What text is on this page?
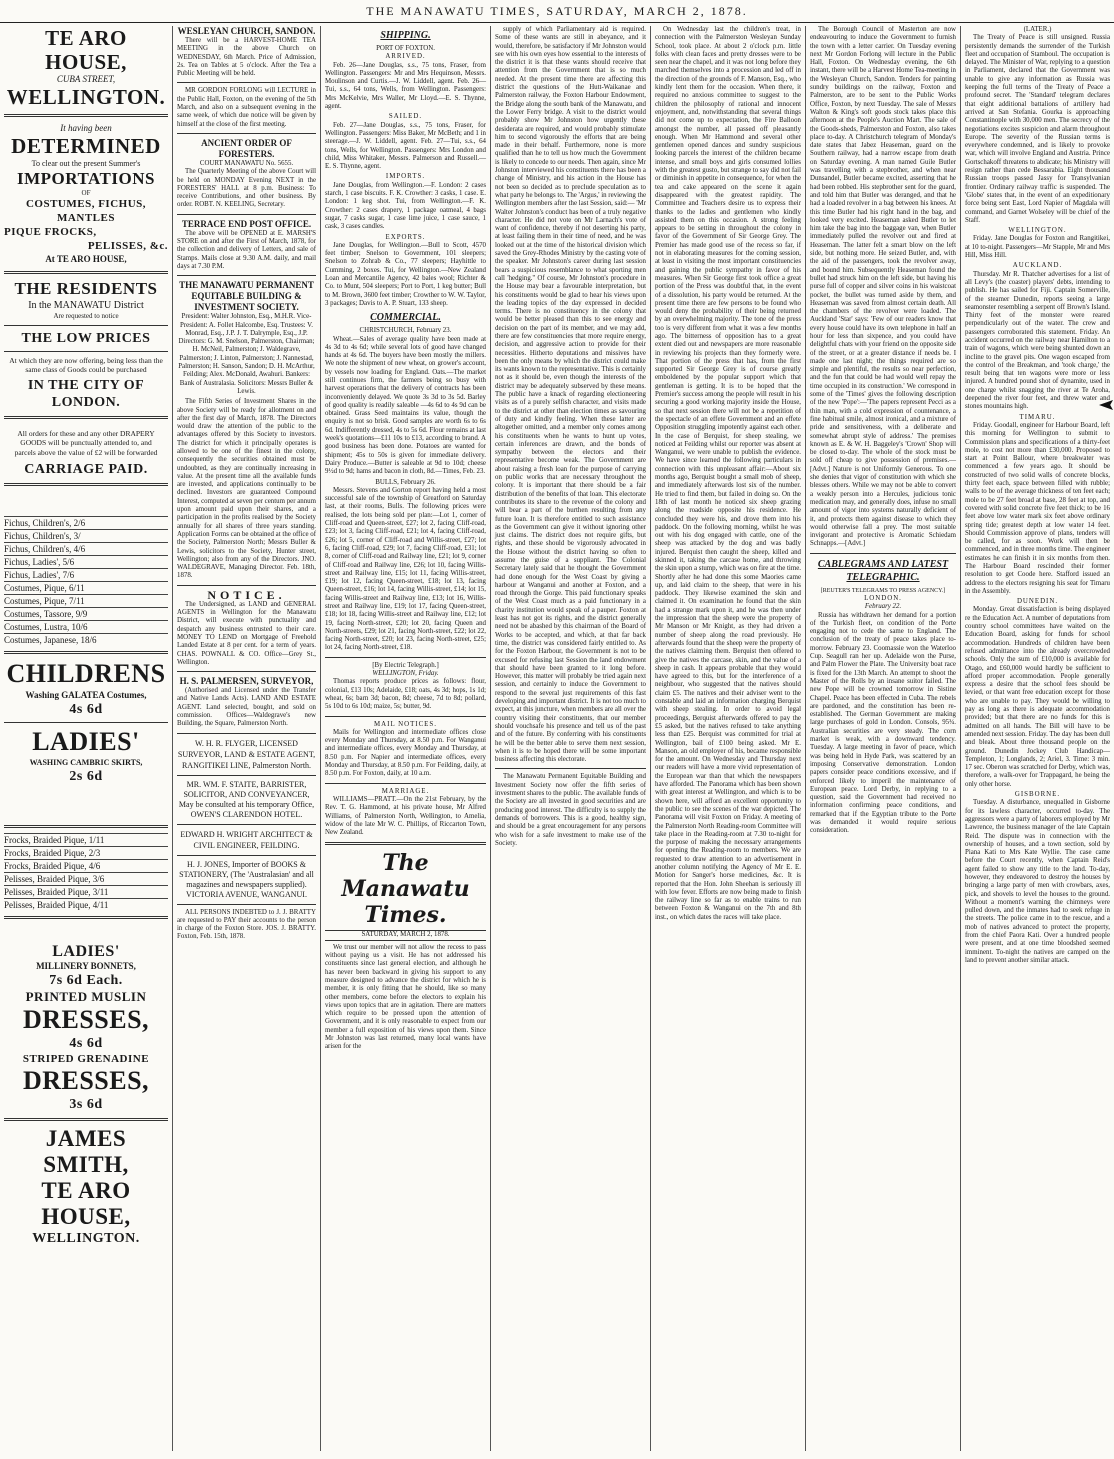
THE MANAWATU TIMES, SATURDAY, MARCH 2, 1878.
TE ARO HOUSE,
CUBA STREET,
WELLINGTON.
It having been
DETERMINED
To clear out the present Summer's
IMPORTATIONS
OF
COSTUMES, FICHUS, MANTLES
PIQUE FROCKS,
PELISSES, &c.
At TE ARO HOUSE,
THE RESIDENTS
In the MANAWATU District
Are requested to notice
THE LOW PRICES
At which they are now offering, being less than the same class of Goods could be purchased
IN THE CITY OF LONDON.
All orders for these and any other DRAPERY GOODS will be punctually attended to, and parcels above the value of £2 will be forwarded
CARRIAGE PAID.
Fichus, Children's, 2/6
Fichus, Children's, 3/
Fichus, Children's, 4/6
Fichus, Ladies', 5/6
Fichus, Ladies', 7/6
Costumes, Pique, 6/11
Costumes, Pique, 7/11
Costumes, Tassore, 9/9
Costumes, Lustra, 10/6
Costumes, Japanese, 18/6
CHILDRENS
Washing GALATEA Costumes,
4s 6d
LADIES'
WASHING CAMBRIC SKIRTS,
2s 6d
Frocks, Braided Pique, 1/11
Frocks, Braided Pique, 2/3
Frocks, Braided Pique, 4/6
Pelisses, Braided Pique, 3/6
Pelisses, Braided Pique, 3/11
Pelisses, Braided Pique, 4/11
LADIES'
MILLINERY BONNETS,
7s 6d Each.
PRINTED MUSLIN
DRESSES,
4s 6d
STRIPED GRENADINE
DRESSES,
3s 6d
JAMES SMITH,
TE ARO HOUSE,
WELLINGTON.
WESLEYAN CHURCH, SANDON.

There will be a HARVEST-HOME TEA MEETING in the above Church on WEDNESDAY, 6th March. Price of Admission, 2s. Tea on Tables at 5 o'clock. After the Tea a Public Meeting will be held.

MR GORDON FORLONG will LECTURE in the Public Hall, Foxton, on the evening of the 5th March, and also on a subsequent evening in the same week, of which due notice will be given by himself at the close of the first meeting.

ANCIENT ORDER OF FORESTERS.
COURT MANAWATU No. 5655.

The Quarterly Meeting of the above Court will be held on MONDAY Evening NEXT in the FORESTERS' HALL at 8 p.m. Business: To receive Contributions, and other business. By order. ROBT. N. KEELING, Secretary.

TERRACE END POST OFFICE.

The above will be OPENED at E. MARSH'S STORE on and after the First of March, 1878, for the collection and delivery of Letters, and sale of Stamps. Mails close at 9.30 A.M. daily, and mail days at 7.30 P.M.

THE MANAWATU PERMANENT EQUITABLE BUILDING & INVESTMENT SOCIETY.

President: Walter Johnston, Esq., M.H.R. Vice-President: A. Follet Halcombe, Esq. Trustees: V. Monrad, Esq., J.P. J. T. Dalrymple, Esq., J.P. Directors: G. M. Snelson, Palmerston, Chairman; H. McNeil, Palmerston; J. Waldegrave, Palmerston; J. Linton, Palmerston; J. Nannestad, Palmerston; H. Sanson, Sandon; D. H. McArthur, Feilding; Alex. McDonald, Awahuri. Bankers: Bank of Australasia. Solicitors: Messrs Buller & Lewis.

The Fifth Series of Investment Shares in the above Society will be ready for allotment on and after the first day of March, 1878. The Directors would draw the attention of the public to the advantages offered by this Society to investors. The district for which it principally operates is allowed to be one of the finest in the colony, consequently the securities obtained must be undoubted, as they are continually increasing in value. At the present time all the available funds are invested, and applications continually to be declined. Investors are guaranteed Compound Interest, computed at seven per centum per annum upon amount paid upon their shares, and a participation in the profits realised by the Society annually for all shares of three years standing. Application Forms can be obtained at the office of the Society, Palmerston North; Messrs Buller & Lewis, solicitors to the Society, Hunter street, Wellington; also from any of the Directors. JNO. WALDEGRAVE, Managing Director. Feb. 18th, 1878.

NOTICE.

The Undersigned, as LAND and GENERAL AGENTS in Wellington for the Manawatu District, will execute with punctuality and despatch any business entrusted to their care. MONEY TO LEND on Mortgage of Freehold Landed Estate at 8 per cent. for a term of years. CHAS. POWNALL & CO. Office—Grey St., Wellington.

H. S. PALMERSEN, SURVEYOR,

(Authorised and Licensed under the Transfer and Native Lands Acts). LAND AND ESTATE AGENT. Land selected, bought, and sold on commission. Offices—Waldegrave's new Building, the Square, Palmerston North.

W. H. R. FLYGER, LICENSED SURVEYOR, LAND & ESTATE AGENT, RANGITIKEI LINE, Palmerston North.

MR. WM. F. STAITE, BARRISTER, SOLICITOR, AND CONVEYANCER, May be consulted at his temporary Office, OWEN'S CLARENDON HOTEL.

EDWARD H. WRIGHT ARCHITECT & CIVIL ENGINEER, FEILDING.

H. J. JONES, Importer of BOOKS & STATIONERY, (The 'Australasian' and all magazines and newspapers supplied). VICTORIA AVENUE, WANGANUI.

ALL PERSONS INDEBTED to J. J. BRATTY are requested to PAY their accounts to the person in charge of the Foxton Store. JOS. J. BRATTY. Foxton, Feb. 15th, 1878.

SHIPPING.
PORT OF FOXTON.
ARRIVED.

Feb. 26—Jane Douglas, s.s., 75 tons, Fraser, from Wellington. Passengers: Mr and Mrs Hequinson, Messrs. Moulinson and Curtis.—J. W. Liddell, agent. Feb. 26—Tui, s.s., 64 tons, Wells, from Wellington. Passengers: Mrs McKelvie, Mrs Waller, Mr Lloyd.—E. S. Thynne, agent.

SAILED.

Feb. 27—Jane Douglas, s.s., 75 tons, Fraser, for Wellington. Passengers: Miss Baker, Mr McBeth; and 1 in steerage.—J. W. Liddell, agent. Feb. 27—Tui, s.s., 64 tons, Wells, for Wellington. Passengers: Mrs London and child, Miss Whitaker, Messrs. Palmerson and Russell.—E. S. Thynne, agent.

IMPORTS.

Jane Douglas, from Wellington.—F. London: 2 cases starch, 1 case biscuits. F. K. Crowther: 3 casks, 1 case. E. London: 1 keg shot. Tui, from Wellington.—F. K. Crowther: 2 cases drapery, 1 package oatmeal, 4 bags sugar, 7 casks sugar, 1 case lime juice, 1 case sauce, 1 cask, 3 cases candles.

EXPORTS.

Jane Douglas, for Wellington.—Bull to Scott, 4570 feet timber; Snelson to Government, 101 sleepers; Snelson to Zohrab & Co., 77 sleepers; Hayhittle to Cumming, 2 boxes. Tui, for Wellington.—New Zealand Loan and Mercantile Agency, 42 bales wool; Richter & Co. to Munt, 504 sleepers; Port to Port, 1 keg butter; Bull to M. Brown, 3600 feet timber; Crowther to W. W. Taylor, 3 packages; Davis to A. P. Stuart, 133 sheep.

COMMERCIAL.
CHRISTCHURCH, February 23.

Wheat.—Sales of average quality have been made at 4s 3d to 4s 6d; while several lots of good have changed hands at 4s 6d. The buyers have been mostly the millers. We note the shipment of new wheat, on grower's account, by vessels now loading for England. Oats.—The market still continues firm, the farmers being so busy with harvest operations that the delivery of contracts has been inconveniently delayed. We quote 3s 3d to 3s 5d. Barley of good quality is readily saleable —4s 6d to 4s 9d can be obtained. Grass Seed maintains its value, though the enquiry is not so brisk. Good samples are worth 6s to 6s 6d. Indifferently dressed, 4s to 5s 6d. Flour remains at last week's quotations—£11 10s to £13, according to brand. A good business has been done. Potatoes are wanted for shipment; 45s to 50s is given for immediate delivery. Dairy Produce.—Butter is saleable at 9d to 10d; cheese 9½d to 9d; hams and bacon in cloth, 8d.—Times, Feb. 23.

BULLS, February 26.

Messrs. Stevens and Gorton report having held a most successful sale of the township of Greatford on Saturday last, at their rooms, Bulls. The following prices were realised, the lots being sold per plan:—Lot 1, corner of Cliff-road and Queen-street, £27; lot 2, facing Cliff-road, £23; lot 3, facing Cliff-road, £21; lot 4, facing Cliff-road, £26; lot 5, corner of Cliff-road and Willis-street, £27; lot 6, facing Cliff-road, £29; lot 7, facing Cliff-road, £31; lot 8, corner of Cliff-road and Railway line, £21; lot 9, corner of Cliff-road and Railway line, £26; lot 10, facing Willis-street and Railway line, £15; lot 11, facing Willis-street, £19; lot 12, facing Queen-street, £18; lot 13, facing Queen-street, £16; lot 14, facing Willis-street, £14; lot 15, facing Willis-street and Railway line, £13; lot 16, Willis-street and Railway line, £19; lot 17, facing Queen-street, £18; lot 18, facing Willis-street and Railway line, £12; lot 19, facing North-street, £20; lot 20, facing Queen and North-streets, £29; lot 21, facing North-street, £22; lot 22, facing North-street, £20; lot 23, facing North-street, £25; lot 24, facing North-street, £18.

[By Electric Telegraph.]
WELLINGTON, Friday.

Thomas reports produce prices as follows: flour, colonial, £13 10s; Adelaide, £18; oats, 4s 3d; hops, 1s 1d; wheat, 6s; barn 3d; bacon, 8d; cheese, 7d to 8d; pollard, 5s 10d to 6s 10d; maize, 5s; butter, 9d.

MAIL NOTICES.

Mails for Wellington and intermediate offices close every Monday and Thursday, at 8.50 p.m. For Wanganui and intermediate offices, every Monday and Thursday, at 8.50 p.m. For Napier and intermediate offices, every Monday and Thursday, at 8.50 p.m. For Feilding, daily, at 8.50 p.m. For Foxton, daily, at 10 a.m.

MARRIAGE.

WILLIAMS—PRATT.—On the 21st February, by the Rev. T. G. Hammond, at his private house, Mr Alfred Williams, of Palmerston North, Wellington, to Amelia, widow of the late Mr W. C. Phillips, of Riccarton Town, New Zealand.

The Manawatu Times.
SATURDAY, MARCH 2, 1878.

We trust our member will not allow the recess to pass without paying us a visit. He has not addressed his constituents since last general election, and although he has never been backward in giving his support to any measure designed to advance the district for which he is member, it is only fitting that he should, like so many other members, come before the electors to explain his views upon topics that are in agitation. There are matters which require to be pressed upon the attention of Government, and it is only reasonable to expect from our member a full exposition of his views upon them. Since Mr Johnston was last returned, many local wants have arisen for the

supply of which Parliamentary aid is required. Some of these wants are still in abeyance, and it would, therefore, be satisfactory if Mr Johnston would see with his own eyes how essential to the interests of the district it is that these wants should receive that attention from the Government that is so much needed. At the present time there are affecting this district the questions of the Hutt-Waikanae and Palmerston railway, the Foxton Harbour Endowment, the Bridge along the south bank of the Manawatu, and the Lower Ferry bridge. A visit to the district would probably show Mr Johnston how urgently these desiderata are required, and would probably stimulate him to second vigorously the efforts that are being made in their behalf. Furthermore, none is more qualified than he to tell us how much the Government is likely to concede to our needs. Then again, since Mr Johnston interviewed his constituents there has been a change of Ministry, and his action in the House has not been so decided as to preclude speculation as to what party he belongs to. The 'Argus,' in reviewing the Wellington members after the last Session, said:— 'Mr Walter Johnston's conduct has been of a truly negative character. He did not vote on Mr Larnach's vote of want of confidence, thereby if not deserting his party, at least failing them in their time of need, and he was looked out at the time of the historical division which saved the Grey-Rhodes Ministry by the casting vote of the speaker. Mr Johnston's career during last session bears a suspicious resemblance to what sporting men call 'hedging.'' Of course, Mr Johnston's procedure in the House may bear a favourable interpretation, but his constituents would be glad to hear his views upon the leading topics of the day expressed in decided terms. There is no constituency in the colony that would be better pleased than this to see energy and decision on the part of its member, and we may add, there are few constituencies that more require energy, decision, and aggressive action to provide for their necessities. Hitherto deputations and missives have been the only means by which the district could make its wants known to the representative. This is certainly not as it should be, even though the interests of the district may be adequately subserved by these means. The public have a knack of regarding electioneering visits as of a purely selfish character, and visits made to the district at other than election times as savouring of duty and kindly feeling. When these latter are altogether omitted, and a member only comes among his constituents when he wants to hunt up votes, certain inferences are drawn, and the bonds of sympathy between the electors and their representative become weak. The Government are about raising a fresh loan for the purpose of carrying on public works that are necessary throughout the colony. It is important that there should be a fair distribution of the benefits of that loan. This electorate contributes its share to the revenue of the colony and will bear a part of the burthen resulting from any future loan. It is therefore entitled to such assistance as the Government can give it without ignoring other just claims. The district does not require gifts, but rights, and these should be vigorously advocated in the House without the district having so often to assume the guise of a suppliant. The Colonial Secretary lately said that he thought the Government had done enough for the West Coast by giving a harbour at Wanganui and another at Foxton, and a road through the Gorge. This paid functionary speaks of the West Coast much as a paid functionary in a charity institution would speak of a pauper. Foxton at least has not got its rights, and the district generally need not be abashed by this chairman of the Board of Works to be accepted, and which, at that far back time, the district was considered fairly entitled to. As for the Foxton Harbour, the Government is not to be excused for refusing last Session the land endowment that should have been granted to it long before. However, this matter will probably be tried again next session, and certainly to induce the Government to respond to the several just requirements of this fast developing and important district. It is not too much to expect, at this juncture, when members are all over the country visiting their constituents, that our member should vouchsafe his presence and tell us of the past and of the future. By conferring with his constituents he will be the better able to serve them next session, when it is to be hoped there will be some important business affecting this electorate.

The Manawatu Permanent Equitable Building and Investment Society now offer the fifth series of investment shares to the public. The available funds of the Society are all invested in good securities and are producing good interest. The difficulty is to supply the demands of borrowers. This is a good, healthy sign, and should be a great encouragement for any persons who wish for a safe investment to make use of the Society.

On Wednesday last the children's treat, in connection with the Palmerston Wesleyan Sunday School, took place. At about 2 o'clock p.m. little folks with clean faces and pretty dresses were to be seen near the chapel, and it was not long before they marched themselves into a procession and led off in the direction of the grounds of F. Manson, Esq., who kindly lent them for the occasion. When there, it required no anxious committee to suggest to the children the philosophy of rational and innocent enjoyment, and, notwithstanding that several things did not come up to expectation, the Fire Balloon amongst the number, all passed off pleasantly enough. When Mr Hammond and several other gentlemen opened dances and sundry suspicious looking parcels the interest of the children became intense, and small boys and girls consumed lollies with the greatest gusto, but strange to say did not fail or diminish in appetite in consequence, for when the tea and cake appeared on the scene it again disappeared with the greatest rapidity. The Committee and Teachers desire us to express their thanks to the ladies and gentlemen who kindly assisted them on this occasion. A strong feeling appears to be setting in throughout the colony in favor of the Government of Sir George Grey. The Premier has made good use of the recess so far, if not in elaborating measures for the coming session, at least in visiting the most important constituencies and gaining the public sympathy in favor of his measures. When Sir George first took office a great portion of the Press was doubtful that, in the event of a dissolution, his party would be returned. At the present time there are few persons to be found who would deny the probability of their being returned by an overwhelming majority. The tone of the press too is very different from what it was a few months ago. The bitterness of opposition has to a great extent died out and newspapers are more reasonable in reviewing his projects than they formerly were. That portion of the press that has, from the first supported Sir George Grey is of course greatly emboldened by the popular support which that gentleman is getting. It is to be hoped that the Premier's success among the people will result in his securing a good working majority inside the House, so that next session there will not be a repetition of the spectacle of an effete Government and an effete Opposition struggling impotently against each other. In the case of Berquist, for sheep stealing, we noticed at Feilding whilst our reporter was absent at Wanganui, we were unable to publish the evidence. We have since learned the following particulars in connection with this unpleasant affair:—About six months ago, Berquist bought a small mob of sheep, and immediately afterwards lost six of the number. He tried to find them, but failed in doing so. On the 18th of last month he noticed six sheep grazing along the roadside opposite his residence. He concluded they were his, and drove them into his paddock. On the following morning, whilst he was out with his dog engaged with cattle, one of the sheep was attacked by the dog and was badly injured. Berquist then caught the sheep, killed and skinned it, taking the carcase home, and throwing the skin upon a stump, which was on fire at the time. Shortly after he had done this some Maories came up, and laid claim to the sheep, that were in his paddock. They likewise examined the skin and claimed it. On examination he found that the skin had a strange mark upon it, and he was then under the impression that the sheep were the property of Mr Manson or Mr Knight, as they had driven a number of sheep along the road previously. He afterwards found that the sheep were the property of the natives claiming them. Berquist then offered to give the natives the carcase, skin, and the value of a sheep in cash. It appears probable that they would have agreed to this, but for the interference of a neighbour, who suggested that the natives should claim £5. The natives and their adviser went to the constable and laid an information charging Berquist with sheep stealing. In order to avoid legal proceedings, Berquist afterwards offered to pay the £5 asked, but the natives refused to take anything less than £25. Berquist was committed for trial at Wellington, bail of £100 being asked. Mr E. Manson, an old employer of his, became responsible for the amount. On Wednesday and Thursday next our readers will have a more vivid representation of the European war than that which the newspapers have afforded. The Panorama which has been shown with great interest at Wellington, and which is to be shown here, will afford an excellent opportunity to the public to see the scenes of the war depicted. The Panorama will visit Foxton on Friday. A meeting of the Palmerston North Reading-room Committee will take place in the Reading-room at 7.30 to-night for the purpose of making the necessary arrangements for opening the Reading-room to members. We are requested to draw attention to an advertisement in another column notifying the Agency of Mr E. E. Motion for Sanger's horse medicines, &c. It is reported that the Hon. John Sheehan is seriously ill with low fever. Efforts are now being made to finish the railway line so far as to enable trains to run between Foxton & Wanganui on the 7th and 8th inst., on which dates the races will take place.

The Borough Council of Masterton are now endeavouring to induce the Government to furnish the town with a letter carrier. On Tuesday evening next Mr Gordon Forlong will lecture in the Public Hall, Foxton. On Wednesday evening, the 6th instant, there will be a Harvest Home Tea-meeting in the Wesleyan Church, Sandon. Tenders for painting sundry buildings on the railway, Foxton and Palmerston, are to be sent to the Public Works Office, Foxton, by next Tuesday. The sale of Messrs Walton & King's soft goods stock takes place this afternoon at the People's Auction Mart. The sale of the Goods-sheds, Palmerston and Foxton, also takes place to-day. A Christchurch telegram of Monday's date states that Jabez Heaseman, guard on the Southern railway, had a narrow escape from death on Saturday evening. A man named Guile Butler was travelling with a stepbrother, and when near Dunsandel, Butler became excited, asserting that he had been robbed. His stepbrother sent for the guard, and told him that Butler was deranged, and that he had a loaded revolver in a bag between his knees. At this time Butler had his right hand in the bag, and looked very excited. Heaseman asked Butler to let him take the bag into the baggage van, when Butler immediately pulled the revolver out and fired at Heaseman. The latter felt a smart blow on the left side, but nothing more. He seized Butler, and, with the aid of the passengers, took the revolver away, and bound him. Subsequently Heaseman found the bullet had struck him on the left side, but having his purse full of copper and silver coins in his waistcoat pocket, the bullet was turned aside by them, and Heaseman was saved from almost certain death. All the chambers of the revolver were loaded. The Auckland 'Star' says: 'Few of our readers know that every house could have its own telephone in half an hour for less than sixpence, and you could have delightful chats with your friend on the opposite side of the street, or at a greater distance if needs be. I made one last night; the things required are so simple and plentiful, the results so near perfection, and the fun that could be had would well repay the time occupied in its construction.' We correspond in some of the 'Times' gives the following description of the new 'Pope':—'The papers represent Pecci as a thin man, with a cold expression of countenance, a fine habitual smile, almost ironical, and a mixture of pride and sensitiveness, with a deliberate and somewhat abrupt style of address.' The premises known as E. & W. H. Baggeley's 'Crown' Shop will be closed to-day. The whole of the stock must be sold off cheap to give possession of premises.—[Advt.] Nature is not Uniformly Generous. To one she denies that vigor of constitution with which she blesses others. While we may not be able to convert a weakly person into a Hercules, judicious tonic medication may, and generally does, infuse no small amount of vigor into systems naturally deficient of it, and protects them against disease to which they would otherwise fall a prey. The most suitable invigorant and protective is Aromatic Schiedam Schnapps.—[Advt.]

CABLEGRAMS AND LATEST TELEGRAPHIC.
[REUTER'S TELEGRAMS TO PRESS AGENCY.]
LONDON.
February 22.

Russia has withdrawn her demand for a portion of the Turkish fleet, on condition of the Porte engaging not to cede the same to England. The conclusion of the treaty of peace takes place to-morrow. February 23. Coomassie won the Waterloo Cup. Seagull ran her up. Adelaide won the Purse, and Palm Flower the Plate. The University boat race is fixed for the 13th March. An attempt to shoot the Master of the Rolls by an insane suitor failed. The new Pope will be crowned tomorrow in Sistine Chapel. Peace has been effected in Cuba. The rebels are pardoned, and the constitution has been re-established. The German Government are making large purchases of gold in London. Consols, 95¾. Australian securities are very steady. The corn market is weak, with a downward tendency. Tuesday. A large meeting in favor of peace, which was being held in Hyde Park, was scattered by an imposing Conservative demonstration. London papers consider peace conditions excessive, and if enforced likely to imperil the maintenance of European peace. Lord Derby, in replying to a question, said the Government had received no information confirming peace conditions, and remarked that if the Egyptian tribute to the Porte was demanded it would require serious consideration.

(LATER.)

The Treaty of Peace is still unsigned. Russia persistently demands the surrender of the Turkish fleet and occupation of Stamboul. The occupation is delayed. The Minister of War, replying to a question in Parliament, declared that the Government was unable to give any information as Russia was keeping the full terms of the Treaty of Peace a profound secret. The 'Standard' telegram declares that eight additional battalions of artillery had arrived at San Stefania. Gourka is approaching Constantinople with 30,000 men. The secrecy of the negotiations excites suspicion and alarm throughout Europe. The severity of the Russian terms is everywhere condemned, and is likely to provoke war, which will involve England and Austria. Prince Gortschakoff threatens to abdicate; his Ministry will resign rather than cede Bessarabia. Eight thousand Russian troops passed Jassy for Transylvanian frontier. Ordinary railway traffic is suspended. The 'Globe' states that, in the event of an expeditionary force being sent East, Lord Napier of Magdala will command, and Garnet Wolseley will be chief of the Staff.

WELLINGTON.

Friday. Jane Douglas for Foxton and Rangitikei, at 10 to-night. Passengers—Mr Stapple, Mr and Mrs Hill, Miss Hill.

AUCKLAND.

Thursday. Mr R. Thatcher advertises for a list of all Levy's (the coaster) players' debts, intending to publish. He has sailed for Fiji. Captain Somerville, of the steamer Dunedin, reports seeing a large seamonster resembling a serpent off Brown's Island. Thirty feet of the monster were reared perpendicularly out of the water. The crew and passengers corroborated this statement. Friday. An accident occurred on the railway near Hamilton to a train of wagons, which were being shunted down an incline to the gravel pits. One wagon escaped from the control of the Breakman, and 'took charge,' the result being that ten wagons were more or less injured. A hundred pound shot of dynamite, used in one charge whilst snagging the river at Te Aroha, deepened the river four feet, and threw water and stones mountains high.

TIMARU.

Friday. Goodall, engineer for Harbour Board, left this morning for Wellington to submit to Commission plans and specifications of a thirty-feet mole, to cost not more than £30,000. Proposed to start at Point Ballour, where breakwater was commenced a few years ago. It should be constructed of two solid walls of concrete blocks, thirty feet each, space between filled with rubble; walls to be of the average thickness of ten feet each; mole to be 27 feet broad at base, 28 feet at top, and covered with solid concrete five feet thick; to be 16 feet above low water mark six feet above ordinary spring tide; greatest depth at low water 14 feet. Should Commission approve of plans, tenders will be called, for as soon. Work will then be commenced, and in three months time. The engineer estimates he can finish it in six months from then. The Harbour Board rescinded their former resolution to get Coode here. Stafford issued an address to the electors resigning his seat for Timaru in the Assembly.

DUNEDIN.

Monday. Great dissatisfaction is being displayed re the Education Act. A number of deputations from country school committees have waited on the Education Board, asking for funds for school accommodation. Hundreds of children have been refused admittance into the already overcrowded schools. Only the sum of £10,000 is available for Otago, and £60,000 would hardly be sufficient to afford proper accommodation. People generally express a desire that the school fees should be levied, or that want free education except for those who are unable to pay. They would be willing to pay as long as there is adequate accommodation provided; but that there are no funds for this is admitted on all hands. The Bill will have to be amended next session. Friday. The day has been dull and bleak. About three thousand people on the ground. Dunedin Jockey Club Handicap—Templeton, 1; Longlands, 2; Ariel, 3. Time: 3 min. 17 sec. Oberon was scratched for Derby, which was, therefore, a walk-over for Trappagard, he being the only other horse.

GISBORNE.

Tuesday. A disturbance, unequalled in Gisborne for its lawless character, occurred to-day. The aggressors were a party of laborers employed by Mr Lawrence, the business manager of the late Captain Reid. The dispute was in connection with the ownership of houses, and a town section, sold by Piana Kati to Mrs Kate Wyllie. The case came before the Court recently, when Captain Reid's agent failed to show any title to the land. To-day, however, they endeavored to destroy the houses by bringing a large party of men with crowbars, axes, pick, and shovels to level the houses to the ground. Without a moment's warning the chimneys were pulled down, and the inmates had to seek refuge in the streets. The police came in to the rescue, and a mob of natives advanced to protect the property, from the chief Paora Kati. Over a hundred people were present, and at one time bloodshed seemed imminent. To-night the natives are camped on the land to prevent another similar attack.
